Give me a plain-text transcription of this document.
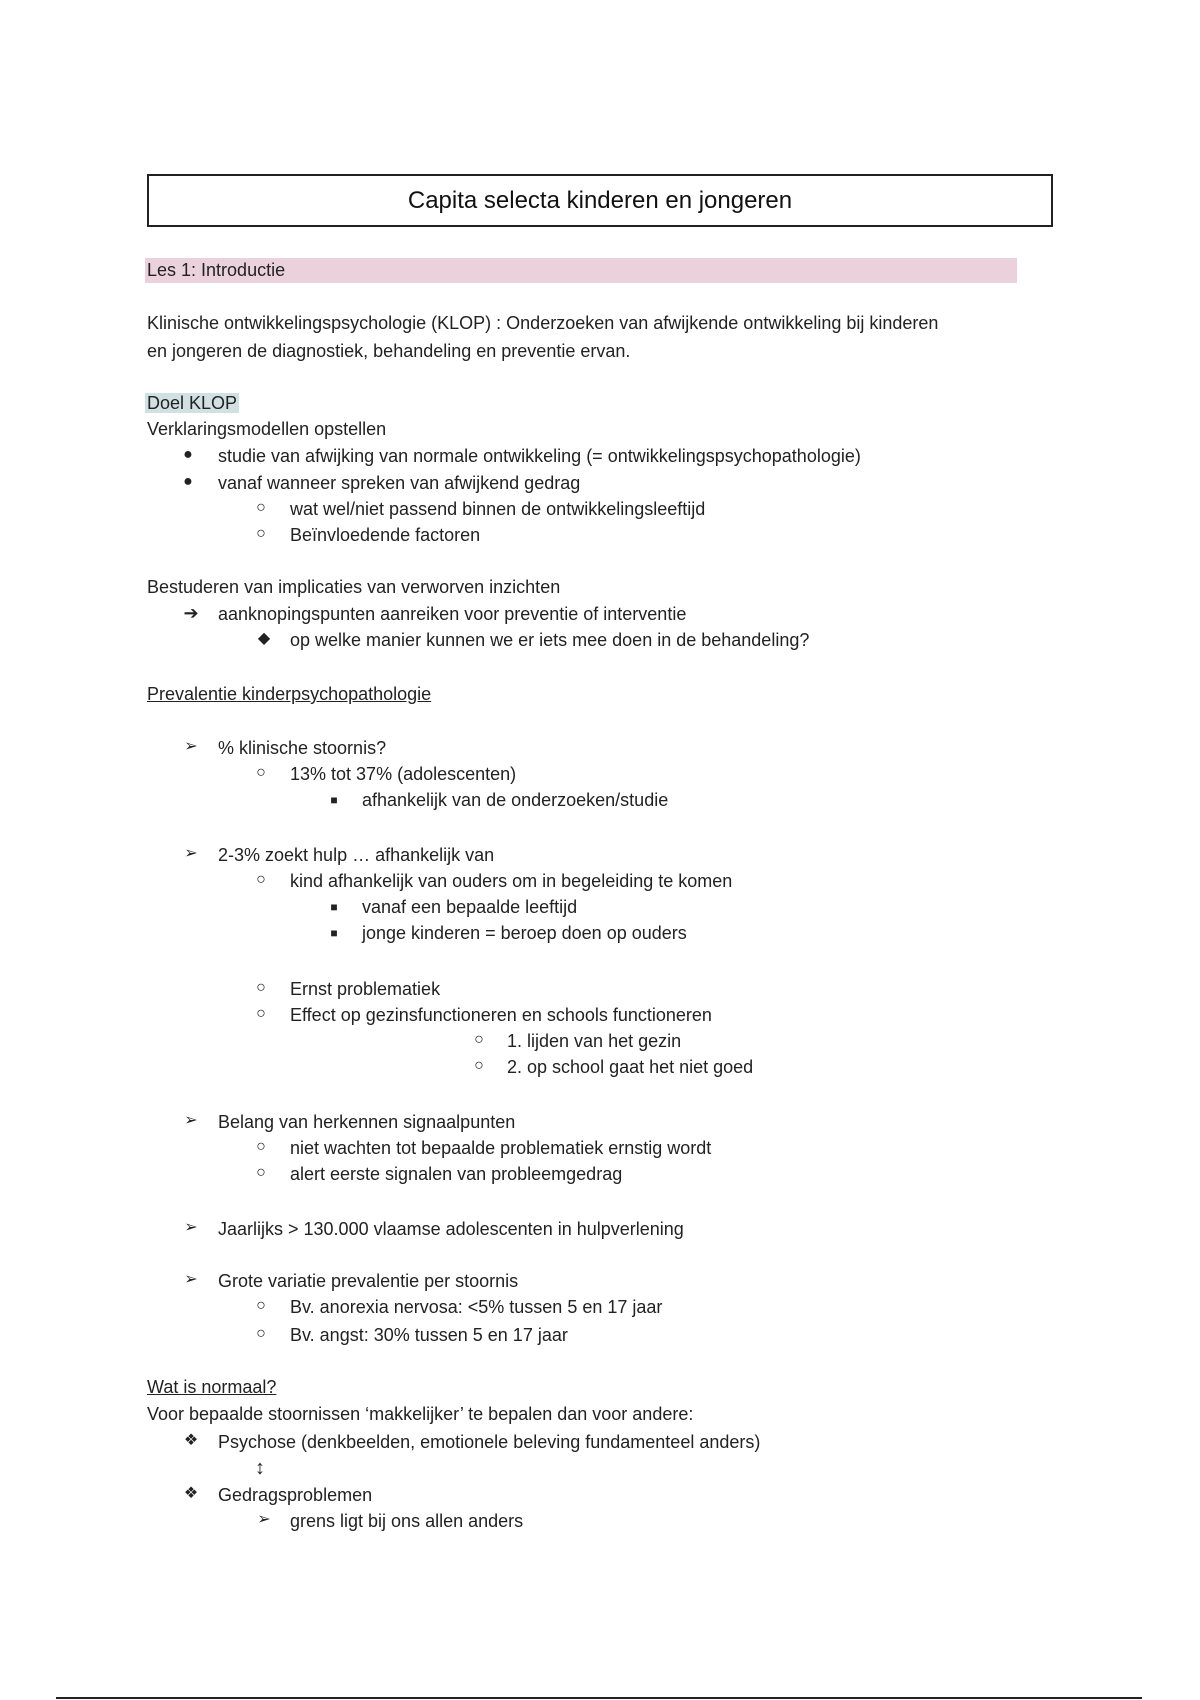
Capita selecta kinderen en jongeren
Les 1: Introductie
Klinische ontwikkelingspsychologie (KLOP) : Onderzoeken van afwijkende ontwikkeling bij kinderen
en jongeren de diagnostiek, behandeling en preventie ervan.
Doel KLOP
Verklaringsmodellen opstellen
● studie van afwijking van normale ontwikkeling (= ontwikkelingspsychopathologie)
● vanaf wanneer spreken van afwijkend gedrag
○ wat wel/niet passend binnen de ontwikkelingsleeftijd
○ Beïnvloedende factoren
Bestuderen van implicaties van verworven inzichten
➔ aanknopingspunten aanreiken voor preventie of interventie
◆ op welke manier kunnen we er iets mee doen in de behandeling?
Prevalentie kinderpsychopathologie
➢ % klinische stoornis?
○ 13% tot 37% (adolescenten)
■	afhankelijk van de onderzoeken/studie
➢ 2-3% zoekt hulp … afhankelijk van
○ kind afhankelijk van ouders om in begeleiding te komen
■	vanaf een bepaalde leeftijd
■	jonge kinderen = beroep doen op ouders
○ Ernst problematiek
○ Effect op gezinsfunctioneren en schools functioneren
○ 1. lijden van het gezin
○ 2. op school gaat het niet goed
➢ Belang van herkennen signaalpunten
○ niet wachten tot bepaalde problematiek ernstig wordt
○ alert eerste signalen van probleemgedrag
➢ Jaarlijks > 130.000 vlaamse adolescenten in hulpverlening
➢ Grote variatie prevalentie per stoornis
○ Bv. anorexia nervosa: <5% tussen 5 en 17 jaar
○ Bv. angst: 30% tussen 5 en 17 jaar
Wat is normaal?
Voor bepaalde stoornissen ‘makkelijker’ te bepalen dan voor andere:
❖ Psychose (denkbeelden, emotionele beleving fundamenteel anders)
↕
❖ Gedragsproblemen
➢ grens ligt bij ons allen anders
